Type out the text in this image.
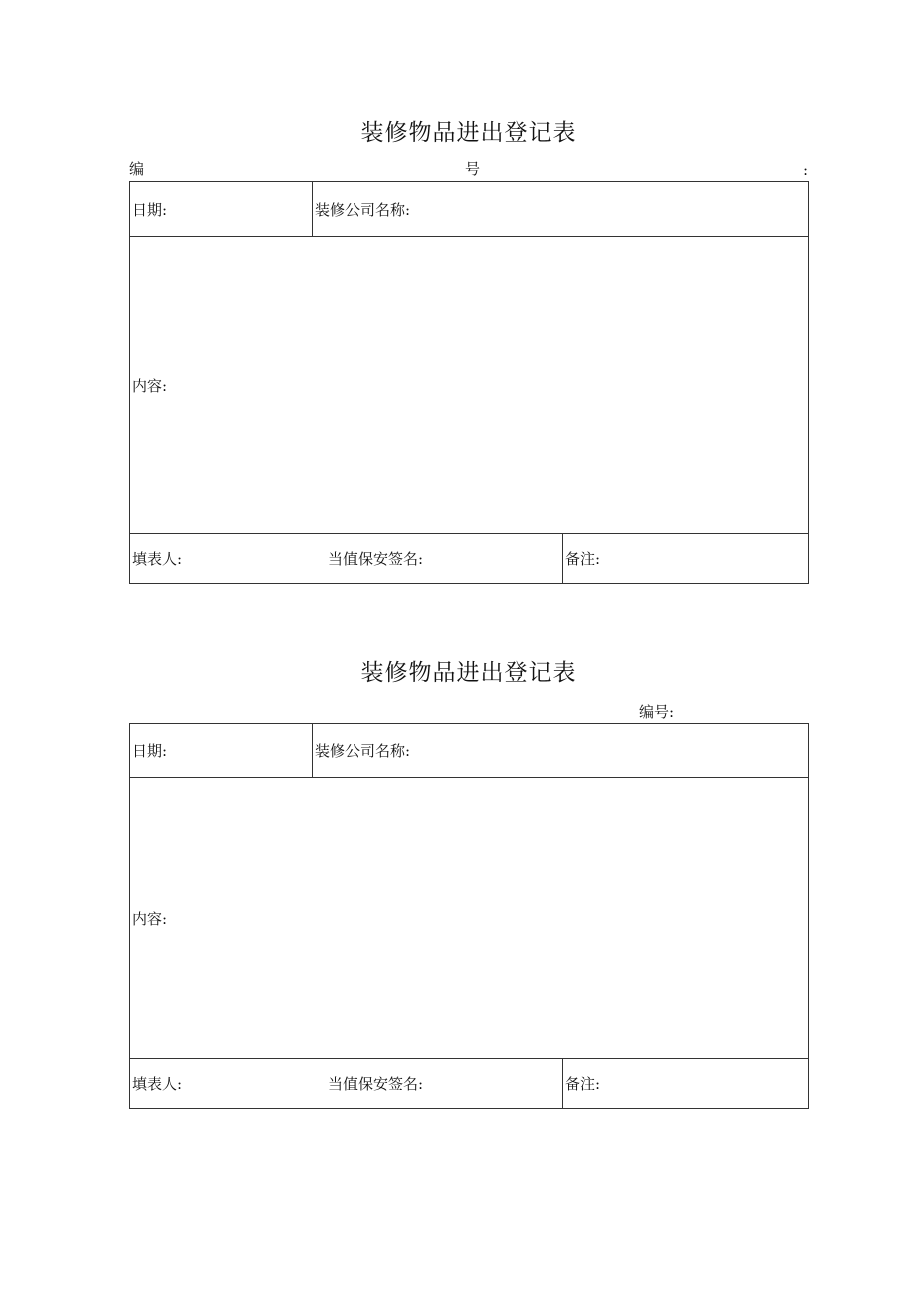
装修物品进出登记表
编	号	:
日期:	装修公司名称:	
内容:		
填表人: 当值保安签名:		备注:
装修物品进出登记表
编号:
日期:	装修公司名称:	
内容:		
填表人: 当值保安签名:		备注:
